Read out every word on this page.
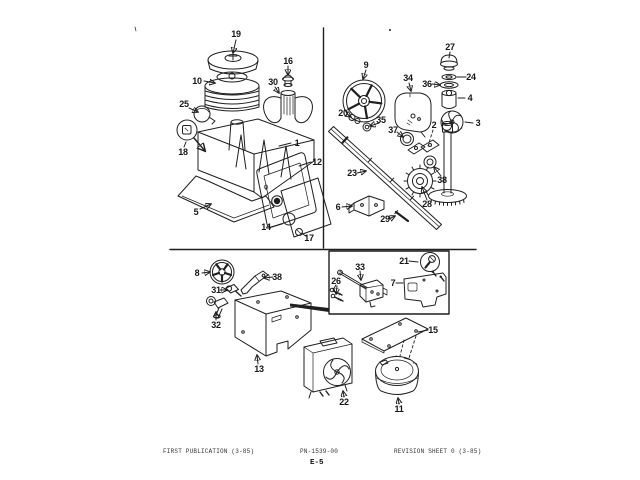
19
10
16
30
25
18
1
12
5
14
17
9
27
24
36
4
3
34
20
35
37	2
23
38
28
6
29
8
31
38
32
13
22
11
15
33
26
21
7
FIRST PUBLICATION (3-85)	PN-1539-00	REVISION SHEET 0 (3-85)
E-5
